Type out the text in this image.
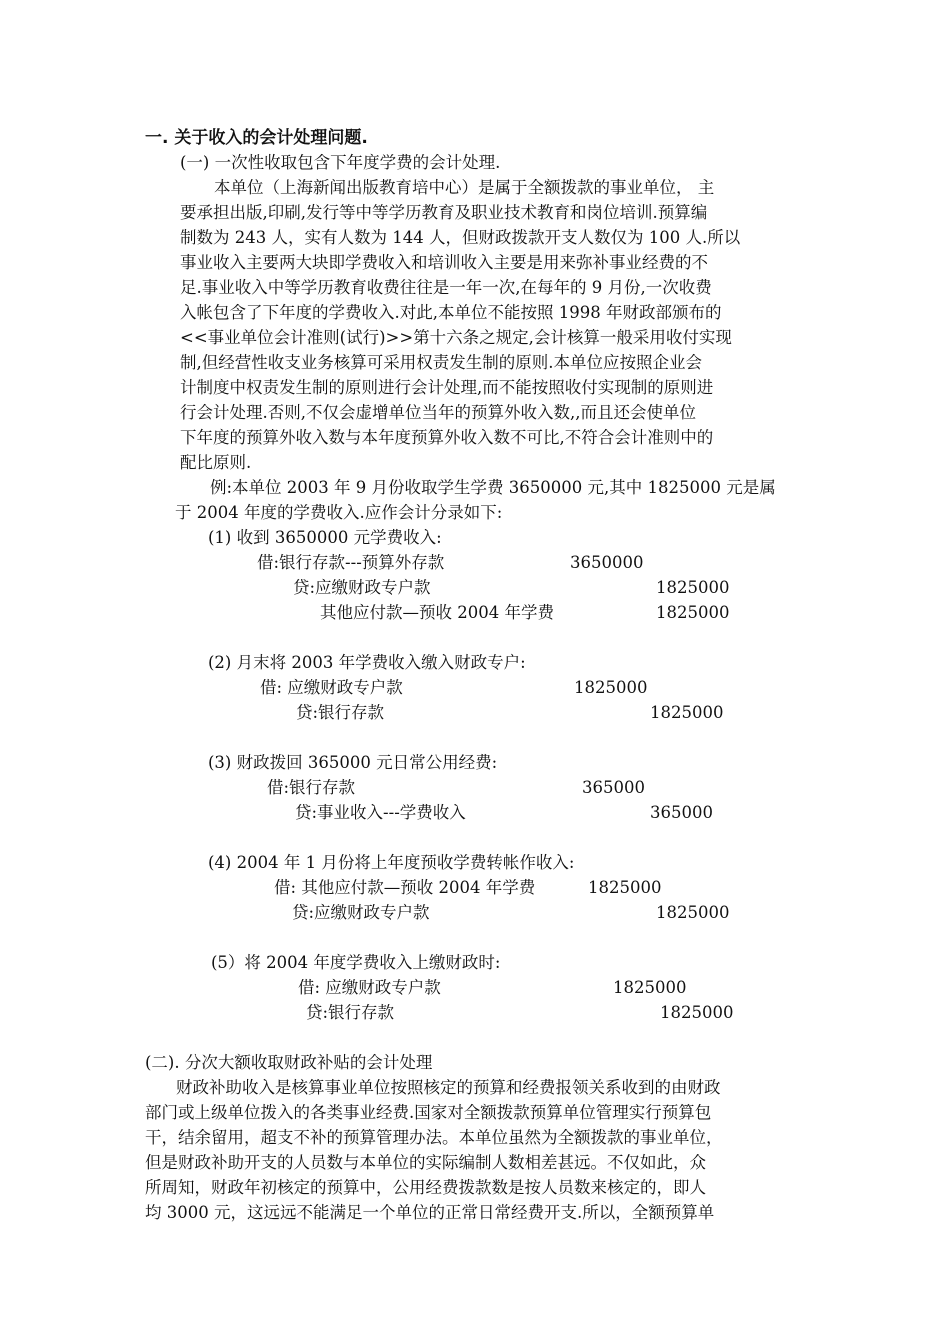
一. 关于收入的会计处理问题.
(一) 一次性收取包含下年度学费的会计处理.
本单位（上海新闻出版教育培中心）是属于全额拨款的事业单位， 主
要承担出版,印刷,发行等中等学历教育及职业技术教育和岗位培训.预算编
制数为 243 人，实有人数为 144 人，但财政拨款开支人数仅为 100 人.所以
事业收入主要两大块即学费收入和培训收入主要是用来弥补事业经费的不
足.事业收入中等学历教育收费往往是一年一次,在每年的 9 月份,一次收费
入帐包含了下年度的学费收入.对此,本单位不能按照 1998 年财政部颁布的
<<事业单位会计准则(试行)>>第十六条之规定,会计核算一般采用收付实现
制,但经营性收支业务核算可采用权责发生制的原则.本单位应按照企业会
计制度中权责发生制的原则进行会计处理,而不能按照收付实现制的原则进
行会计处理.否则,不仅会虚增单位当年的预算外收入数,,而且还会使单位
下年度的预算外收入数与本年度预算外收入数不可比,不符合会计准则中的
配比原则.
例:本单位 2003 年 9 月份收取学生学费 3650000 元,其中 1825000 元是属
于 2004 年度的学费收入.应作会计分录如下:
(1) 收到 3650000 元学费收入:
借:银行存款---预算外存款	3650000
贷:应缴财政专户款	1825000
其他应付款—预收 2004 年学费	1825000
(2) 月末将 2003 年学费收入缴入财政专户:
借: 应缴财政专户款	1825000
贷:银行存款	1825000
(3) 财政拨回 365000 元日常公用经费:
借:银行存款	365000
贷:事业收入---学费收入	365000
(4) 2004 年 1 月份将上年度预收学费转帐作收入:
借: 其他应付款—预收 2004 年学费	1825000
贷:应缴财政专户款	1825000
(5）将 2004 年度学费收入上缴财政时:
借: 应缴财政专户款	1825000
贷:银行存款	1825000
(二). 分次大额收取财政补贴的会计处理
财政补助收入是核算事业单位按照核定的预算和经费报领关系收到的由财政
部门或上级单位拨入的各类事业经费.国家对全额拨款预算单位管理实行预算包
干，结余留用，超支不补的预算管理办法。本单位虽然为全额拨款的事业单位，
但是财政补助开支的人员数与本单位的实际编制人数相差甚远。不仅如此，众
所周知，财政年初核定的预算中，公用经费拨款数是按人员数来核定的，即人
均 3000 元，这远远不能满足一个单位的正常日常经费开支.所以，全额预算单
